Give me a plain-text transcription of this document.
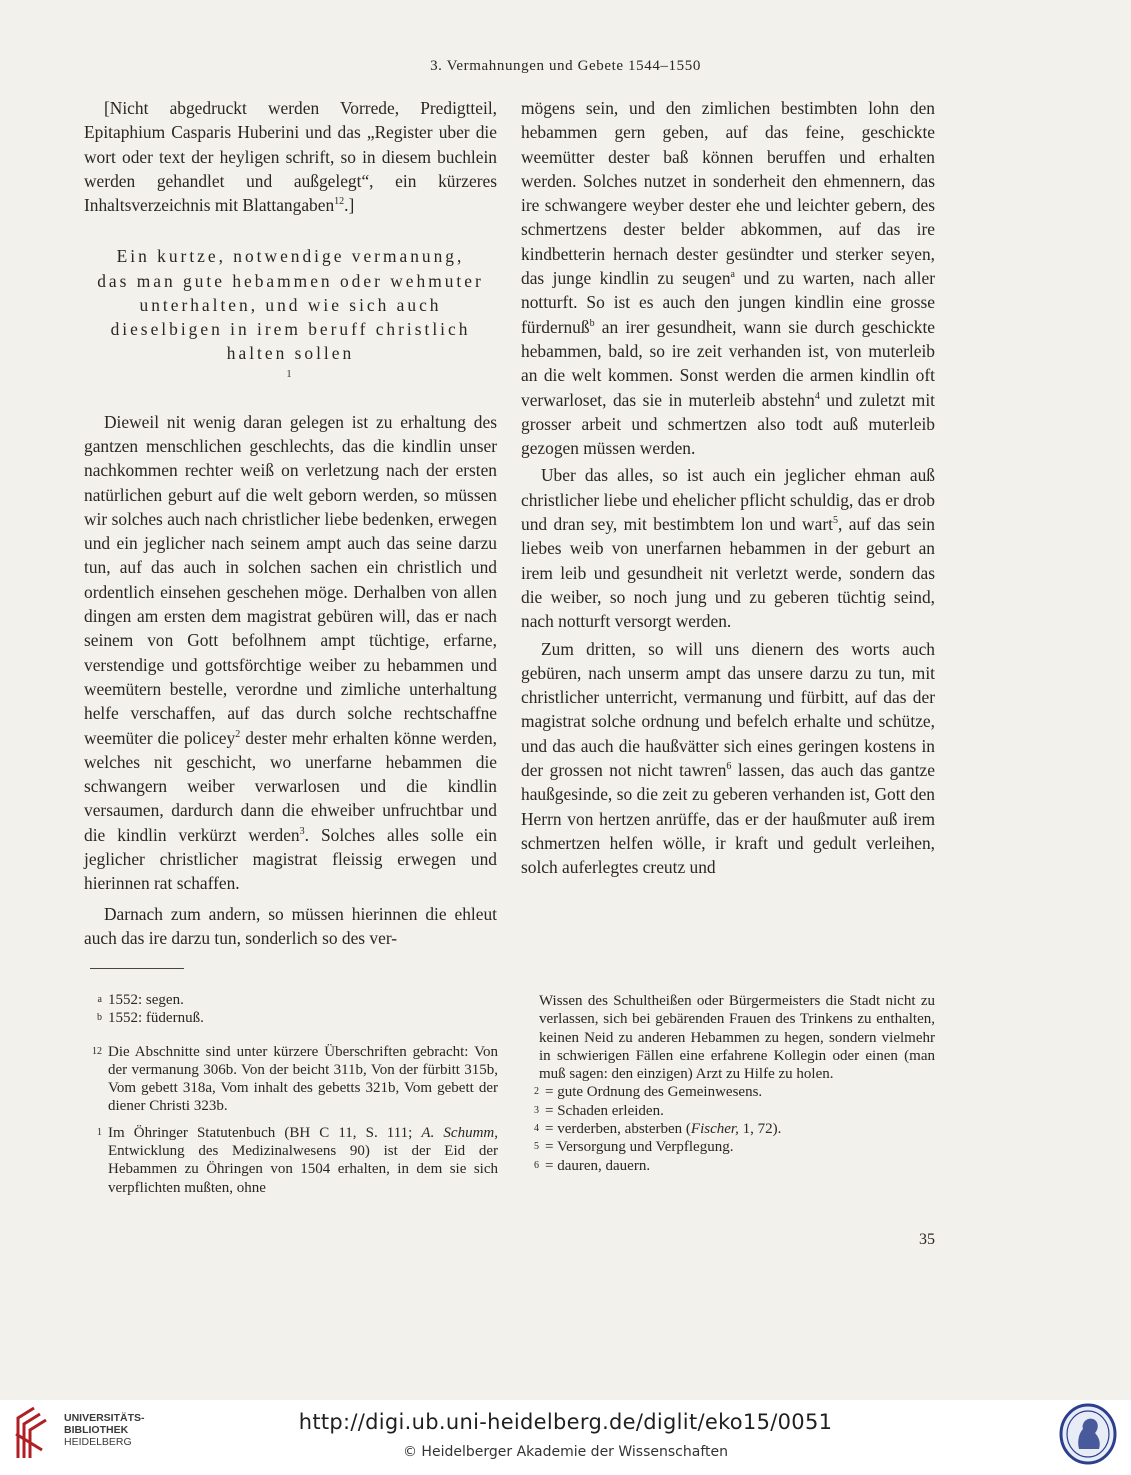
3. Vermahnungen und Gebete 1544–1550

[Nicht abgedruckt werden Vorrede, Predigtteil, Epitaphium Casparis Huberini und das „Register uber die wort oder text der heyligen schrift, so in diesem buchlein werden gehandlet und außgelegt“, ein kürzeres Inhaltsverzeichnis mit Blattangaben$^{12}$.]

Ein kurtze, notwendige vermanung,
das man gute hebammen oder wehmuter
unterhalten, und wie sich auch
dieselbigen in irem beruff christlich
halten sollen
$^1$

Dieweil nit wenig daran gelegen ist zu erhaltung des gantzen menschlichen geschlechts, das die kindlin unser nachkommen rechter weiß on verletzung nach der ersten natürlichen geburt auf die welt geborn werden, so müssen wir solches auch nach christlicher liebe bedenken, erwegen und ein jeglicher nach seinem ampt auch das seine darzu tun, auf das auch in solchen sachen ein christlich und ordentlich einsehen geschehen möge. Derhalben von allen dingen am ersten dem magistrat gebüren will, das er nach seinem von Gott befolhnem ampt tüchtige, erfarne, verstendige und gottsförchtige weiber zu hebammen und weemütern bestelle, verordne und zimliche unterhaltung helfe verschaffen, auf das durch solche rechtschaffne weemüter die policey$^2$ dester mehr erhalten könne werden, welches nit geschicht, wo unerfarne hebammen die schwangern weiber verwarlosen und die kindlin versaumen, dardurch dann die ehweiber unfruchtbar und die kindlin verkürzt werden$^3$. Solches alles solle ein jeglicher christlicher magistrat fleissig erwegen und hierinnen rat schaffen.

Darnach zum andern, so müssen hierinnen die ehleut auch das ire darzu tun, sonderlich so des ver-

mögens sein, und den zimlichen bestimbten lohn den hebammen gern geben, auf das feine, geschickte weemütter dester baß können beruffen und erhalten werden. Solches nutzet in sonderheit den ehmennern, das ire schwangere weyber dester ehe und leichter gebern, des schmertzens dester belder abkommen, auf das ire kindbetterin hernach dester gesündter und sterker seyen, das junge kindlin zu seugen$^a$ und zu warten, nach aller notturft. So ist es auch den jungen kindlin eine grosse fürdernuß$^b$ an irer gesundheit, wann sie durch geschickte hebammen, bald, so ire zeit verhanden ist, von muterleib an die welt kommen. Sonst werden die armen kindlin oft verwarloset, das sie in muterleib abstehn$^4$ und zuletzt mit grosser arbeit und schmertzen also todt auß muterleib gezogen müssen werden.

Uber das alles, so ist auch ein jeglicher ehman auß christlicher liebe und ehelicher pflicht schuldig, das er drob und dran sey, mit bestimbtem lon und wart$^5$, auf das sein liebes weib von unerfarnen hebammen in der geburt an irem leib und gesundheit nit verletzt werde, sondern das die weiber, so noch jung und zu geberen tüchtig seind, nach notturft versorgt werden.

Zum dritten, so will uns dienern des worts auch gebüren, nach unserm ampt das unsere darzu zu tun, mit christlicher unterricht, vermanung und fürbitt, auf das der magistrat solche ordnung und befelch erhalte und schütze, und das auch die haußvätter sich eines geringen kostens in der grossen not nicht tawren$^6$ lassen, das auch das gantze haußgesinde, so die zeit zu geberen verhanden ist, Gott den Herrn von hertzen anrüffe, das er der haußmuter auß irem schmertzen helfen wölle, ir kraft und gedult verleihen, solch auferlegtes creutz und

a 1552: segen.
b 1552: füdernuß.
12 Die Abschnitte sind unter kürzere Überschriften gebracht: Von der vermanung 306b. Von der beicht 311b, Von der fürbitt 315b, Vom gebett 318a, Vom inhalt des gebetts 321b, Vom gebett der diener Christi 323b.
1 Im Öhringer Statutenbuch (BH C 11, S. 111; A. Schumm, Entwicklung des Medizinalwesens 90) ist der Eid der Hebammen zu Öhringen von 1504 erhalten, in dem sie sich verpflichten mußten, ohne

Wissen des Schultheißen oder Bürgermeisters die Stadt nicht zu verlassen, sich bei gebärenden Frauen des Trinkens zu enthalten, keinen Neid zu anderen Hebammen zu hegen, sondern vielmehr in schwierigen Fällen eine erfahrene Kollegin oder einen (man muß sagen: den einzigen) Arzt zu Hilfe zu holen.

2 = gute Ordnung des Gemeinwesens.
3 = Schaden erleiden.
4 = verderben, absterben (Fischer, 1, 72).
5 = Versorgung und Verpflegung.
6 = dauren, dauern.
35
UNIVERSITÄTS-
BIBLIOTHEK
HEIDELBERG
http://digi.ub.uni-heidelberg.de/diglit/eko15/0051
© Heidelberger Akademie der Wissenschaften
